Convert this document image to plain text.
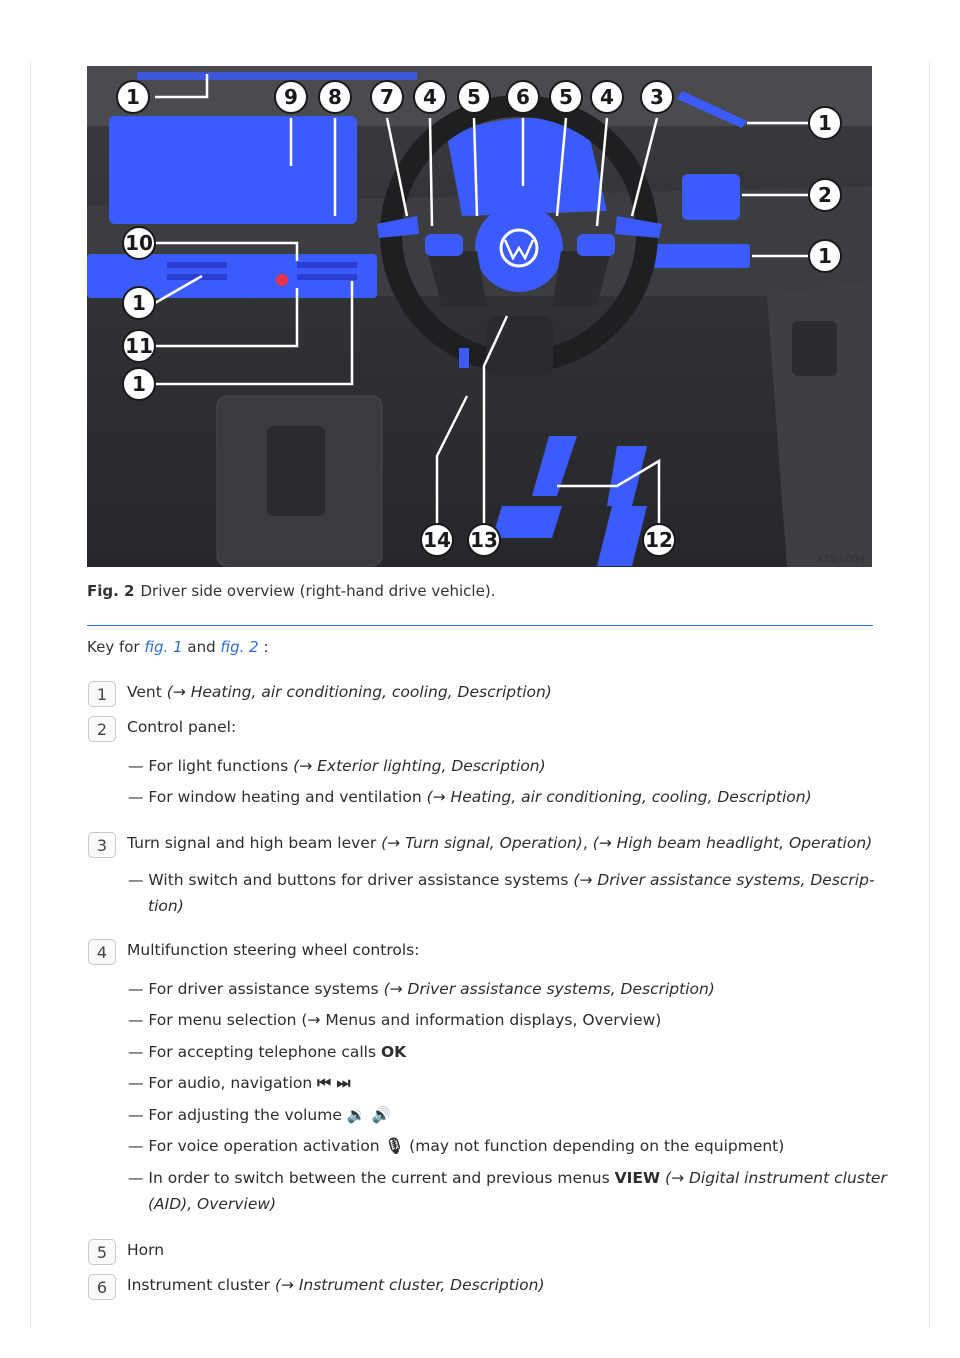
1	9 8 7 4 5 6 5 4 3
1
2
1
10
1
11
1
14 13	12
A19-0004
Fig. 2 Driver side overview (right-hand drive vehicle).
Key for fig. 1 and fig. 2 :
1	Vent (→ Heating, air conditioning, cooling, Description)
2	Control panel:
— For light functions (→ Exterior lighting, Description)
— For window heating and ventilation (→ Heating, air conditioning, cooling, Description)
3	Turn signal and high beam lever (→ Turn signal, Operation), (→ High beam headlight, Operation)
— With switch and buttons for driver assistance systems (→ Driver assistance systems, Descrip-
tion)
4	Multifunction steering wheel controls:
— For driver assistance systems (→ Driver assistance systems, Description)
— For menu selection (→ Menus and information displays, Overview)
— For accepting telephone calls OK
— For audio, navigation ⏮ ⏭
— For adjusting the volume 🔉 🔊
— For voice operation activation 🎙 (may not function depending on the equipment)
— In order to switch between the current and previous menus VIEW (→ Digital instrument cluster
(AID), Overview)
5	Horn
6	Instrument cluster (→ Instrument cluster, Description)
